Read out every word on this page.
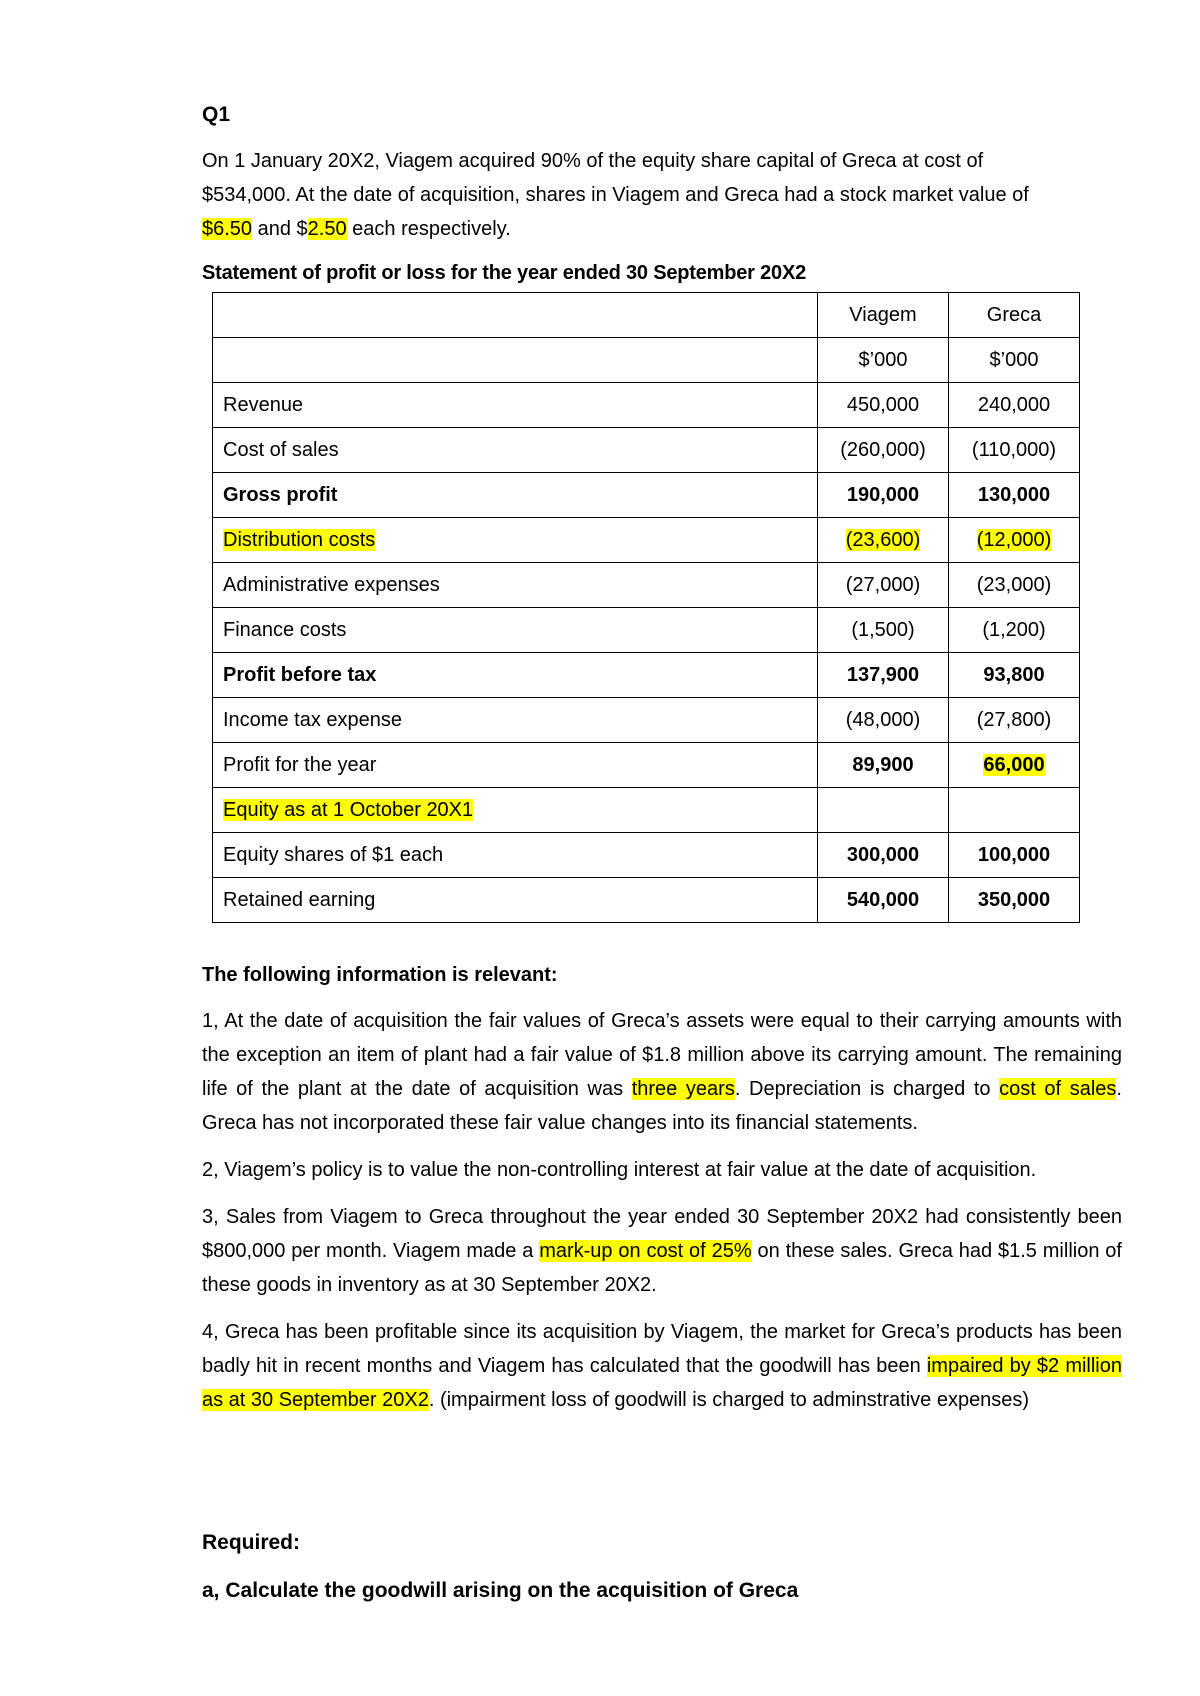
Q1

On 1 January 20X2, Viagem acquired 90% of the equity share capital of Greca at cost of

$534,000. At the date of acquisition, shares in Viagem and Greca had a stock market value of

$6.50 and $2.50 each respectively.

Statement of profit or loss for the year ended 30 September 20X2
	Viagem	Greca
	$’000	$’000
Revenue	450,000	240,000
Cost of sales	(260,000)	(110,000)
Gross profit	190,000	130,000
Distribution costs	(23,600)	(12,000)
Administrative expenses	(27,000)	(23,000)
Finance costs	(1,500)	(1,200)
Profit before tax	137,900	93,800
Income tax expense	(48,000)	(27,800)
Profit for the year	89,900	66,000
Equity as at 1 October 20X1		
Equity shares of $1 each	300,000	100,000
Retained earning	540,000	350,000
The following information is relevant:

1, At the date of acquisition the fair values of Greca’s assets were equal to their carrying amounts with the exception an item of plant had a fair value of $1.8 million above its carrying amount. The remaining life of the plant at the date of acquisition was three years. Depreciation is charged to cost of sales. Greca has not incorporated these fair value changes into its financial statements.

2, Viagem’s policy is to value the non-controlling interest at fair value at the date of acquisition.

3, Sales from Viagem to Greca throughout the year ended 30 September 20X2 had consistently been $800,000 per month. Viagem made a mark-up on cost of 25% on these sales. Greca had $1.5 million of these goods in inventory as at 30 September 20X2.

4, Greca has been profitable since its acquisition by Viagem, the market for Greca’s products has been badly hit in recent months and Viagem has calculated that the goodwill has been impaired by $2 million as at 30 September 20X2. (impairment loss of goodwill is charged to adminstrative expenses)

Required:
a, Calculate the goodwill arising on the acquisition of Greca
